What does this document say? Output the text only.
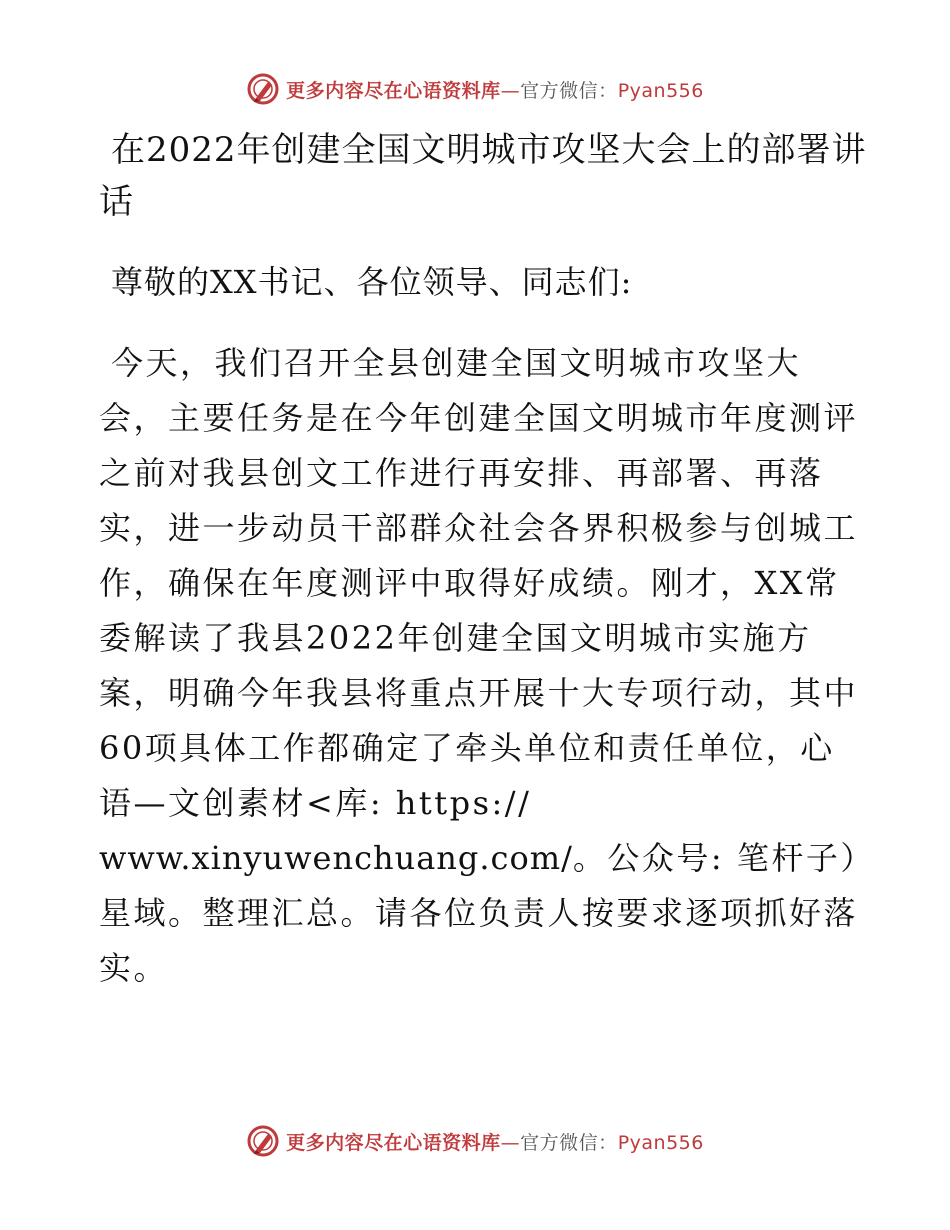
更多内容尽在心语资料库—官方微信：Pyan556
在2022年创建全国文明城市攻坚大会上的部署讲话

尊敬的XX书记、各位领导、同志们:

今天，我们召开全县创建全国文明城市攻坚大会，主要任务是在今年创建全国文明城市年度测评之前对我县创文工作进行再安排、再部署、再落实，进一步动员干部群众社会各界积极参与创城工作，确保在年度测评中取得好成绩。刚才，XX常委解读了我县2022年创建全国文明城市实施方案，明确今年我县将重点开展十大专项行动，其中60项具体工作都确定了牵头单位和责任单位，心语—文创素材<库: https://
www.xinyuwenchuang.com/。公众号: 笔杆子）星域。整理汇总。请各位负责人按要求逐项抓好落实。

更多内容尽在心语资料库—官方微信：Pyan556
